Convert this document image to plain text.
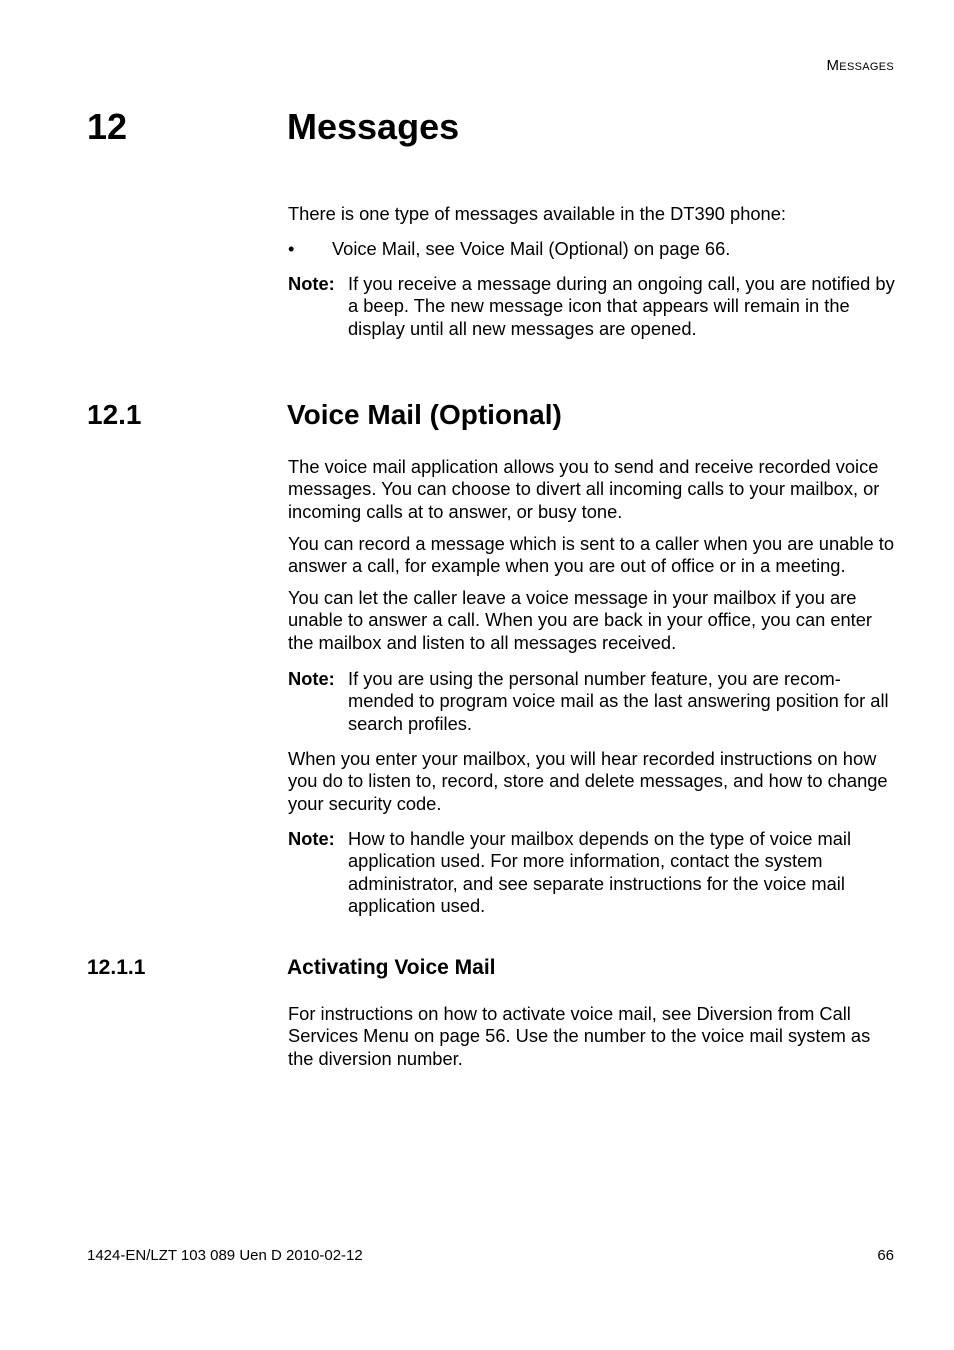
Messages
12	Messages

There is one type of messages available in the DT390 phone:

• Voice Mail, see Voice Mail (Optional) on page 66.
Note: If you receive a message during an ongoing call, you are notified by a beep. The new message icon that appears will remain in the display until all new messages are opened.
12.1	Voice Mail (Optional)

The voice mail application allows you to send and receive recorded voice messages. You can choose to divert all incoming calls to your mailbox, or incoming calls at to answer, or busy tone.

You can record a message which is sent to a caller when you are unable to answer a call, for example when you are out of office or in a meeting.

You can let the caller leave a voice message in your mailbox if you are unable to answer a call. When you are back in your office, you can enter the mailbox and listen to all messages received.

Note: If you are using the personal number feature, you are recom-mended to program voice mail as the last answering position for all search profiles.

When you enter your mailbox, you will hear recorded instructions on how you do to listen to, record, store and delete messages, and how to change your security code.

Note: How to handle your mailbox depends on the type of voice mail application used. For more information, contact the system administrator, and see separate instructions for the voice mail application used.
12.1.1	Activating Voice Mail

For instructions on how to activate voice mail, see Diversion from Call Services Menu on page 56. Use the number to the voice mail system as the diversion number.

1424-EN/LZT 103 089 Uen D 2010-02-12	66
